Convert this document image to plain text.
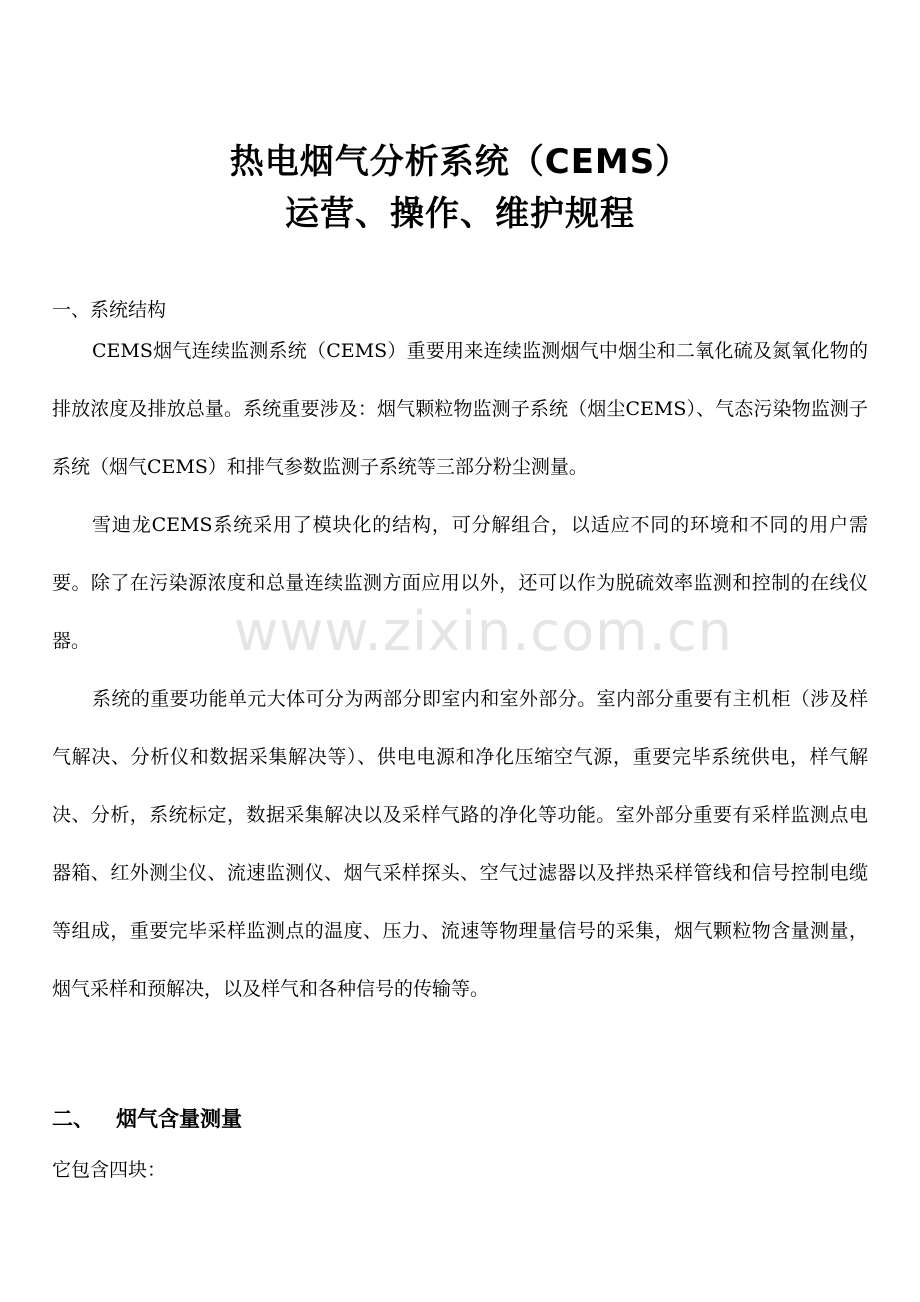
热电烟气分析系统（CEMS）
运营、操作、维护规程
一、系统结构
CEMS烟气连续监测系统（CEMS）重要用来连续监测烟气中烟尘和二氧化硫及氮氧化物的排放浓度及排放总量。系统重要涉及：烟气颗粒物监测子系统（烟尘CEMS）、气态污染物监测子系统（烟气CEMS）和排气参数监测子系统等三部分粉尘测量。
雪迪龙CEMS系统采用了模块化的结构，可分解组合，以适应不同的环境和不同的用户需要。除了在污染源浓度和总量连续监测方面应用以外，还可以作为脱硫效率监测和控制的在线仪器。
系统的重要功能单元大体可分为两部分即室内和室外部分。室内部分重要有主机柜（涉及样气解决、分析仪和数据采集解决等）、供电电源和净化压缩空气源，重要完毕系统供电，样气解决、分析，系统标定，数据采集解决以及采样气路的净化等功能。室外部分重要有采样监测点电器箱、红外测尘仪、流速监测仪、烟气采样探头、空气过滤器以及拌热采样管线和信号控制电缆等组成，重要完毕采样监测点的温度、压力、流速等物理量信号的采集，烟气颗粒物含量测量，烟气采样和预解决，以及样气和各种信号的传输等。
www.zixin.com.cn
二、 烟气含量测量
它包含四块：
